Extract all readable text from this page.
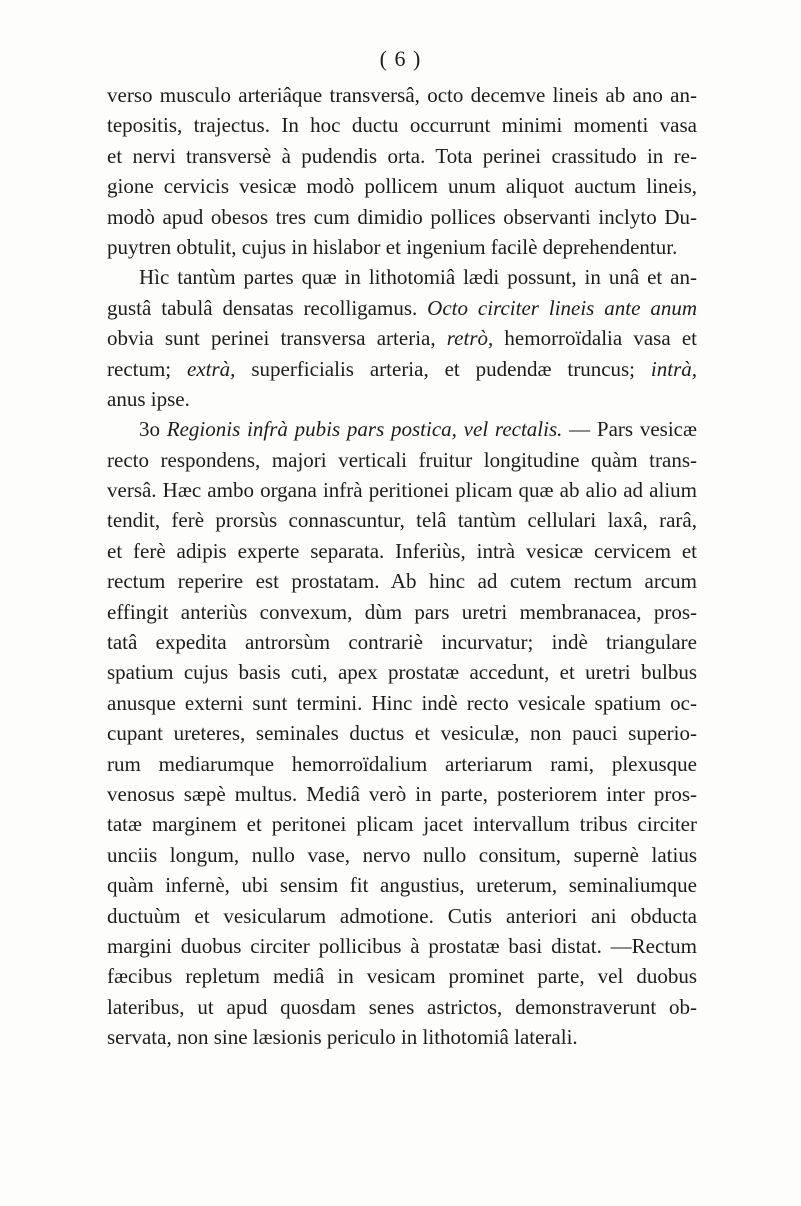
( 6 )
verso musculo arteriâque transversâ, octo decemve lineis ab ano an-
tepositis, trajectus. In hoc ductu occurrunt minimi momenti vasa
et nervi transversè à pudendis orta. Tota perinei crassitudo in re-
gione cervicis vesicæ modò pollicem unum aliquot auctum lineis,
modò apud obesos tres cum dimidio pollices observanti inclyto Du-
puytren obtulit, cujus in hislabor et ingenium facilè deprehendentur.
Hìc tantùm partes quæ in lithotomiâ lædi possunt, in unâ et an-
gustâ tabulâ densatas recolligamus. Octo circiter lineis ante anum
obvia sunt perinei transversa arteria, retrò, hemorroïdalia vasa et
rectum; extrà, superficialis arteria, et pudendæ truncus; intrà,
anus ipse.
3o Regionis infrà pubis pars postica, vel rectalis. — Pars vesicæ
recto respondens, majori verticali fruitur longitudine quàm trans-
versâ. Hæc ambo organa infrà peritionei plicam quæ ab alio ad alium
tendit, ferè prorsùs connascuntur, telâ tantùm cellulari laxâ, rarâ,
et ferè adipis experte separata. Inferiùs, intrà vesicæ cervicem et
rectum reperire est prostatam. Ab hinc ad cutem rectum arcum
effingit anteriùs convexum, dùm pars uretri membranacea, pros-
tatâ expedita antrorsùm contrariè incurvatur; indè triangulare
spatium cujus basis cuti, apex prostatæ accedunt, et uretri bulbus
anusque externi sunt termini. Hinc indè recto vesicale spatium oc-
cupant ureteres, seminales ductus et vesiculæ, non pauci superio-
rum mediarumque hemorroïdalium arteriarum rami, plexusque
venosus sæpè multus. Mediâ verò in parte, posteriorem inter pros-
tatæ marginem et peritonei plicam jacet intervallum tribus circiter
unciis longum, nullo vase, nervo nullo consitum, supernè latius
quàm infernè, ubi sensim fit angustius, ureterum, seminaliumque
ductuùm et vesicularum admotione. Cutis anteriori ani obducta
margini duobus circiter pollicibus à prostatæ basi distat. —Rectum
fæcibus repletum mediâ in vesicam prominet parte, vel duobus
lateribus, ut apud quosdam senes astrictos, demonstraverunt ob-
servata, non sine læsionis periculo in lithotomiâ laterali.
